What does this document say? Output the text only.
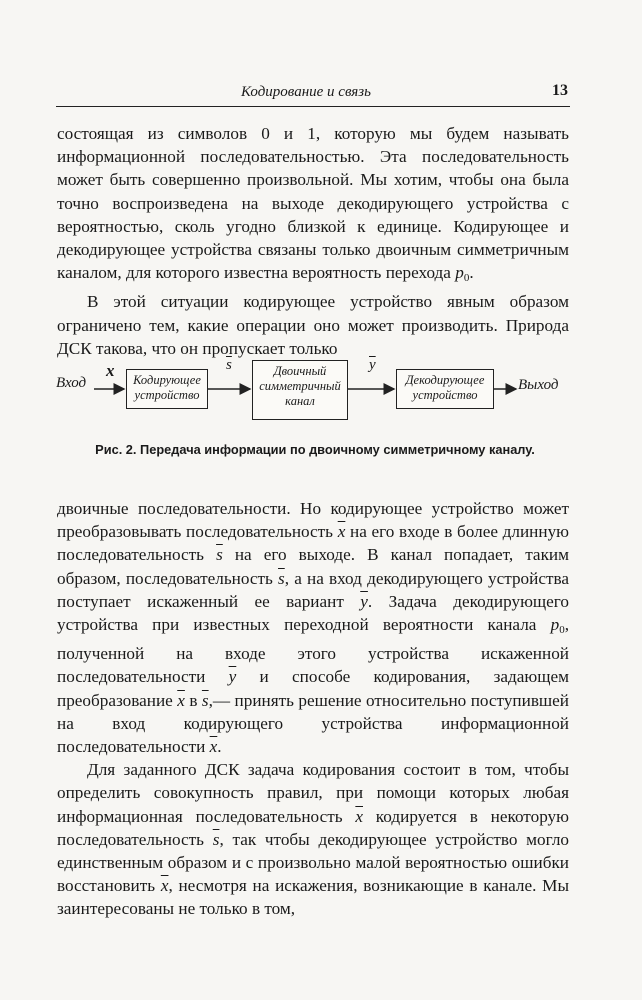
Кодирование и связь	13

состоящая из символов 0 и 1, которую мы будем называть информационной последовательностью. Эта последовательность может быть совершенно произвольной. Мы хотим, чтобы она была точно воспроизведена на выходе декодирующего устройства с вероятностью, сколь угодно близкой к единице. Кодирующее и декодирующее устройства связаны только двоичным симметричным каналом, для которого известна вероятность перехода $p_0$.

В этой ситуации кодирующее устройство явным образом ограничено тем, какие операции оно может производить. Природа ДСК такова, что он пропускает только

Вход
x	$\overline{s}$	$\overline{y}$
Кодирующее устройство
Двоичный симметричный канал
Декодирующее устройство
Выход
Рис. 2. Передача информации по двоичному симметричному каналу.

двоичные последовательности. Но кодирующее устройство может преобразовывать последовательность $\overline{x}$ на его входе в более длинную последовательность $\overline{s}$ на его выходе. В канал попадает, таким образом, последовательность $\overline{s}$, а на вход декодирующего устройства поступает искаженный ее вариант $\overline{y}$. Задача декодирующего устройства при известных переходной вероятности канала $p_0$, полученной на входе этого устройства искаженной последовательности $\overline{y}$ и способе кодирования, задающем преобразование $\overline{x}$ в $\overline{s},—$ принять решение относительно поступившей на вход кодирующего устройства информационной последовательности $\overline{x}$.

Для заданного ДСК задача кодирования состоит в том, чтобы определить совокупность правил, при помощи которых любая информационная последовательность $\overline{x}$ кодируется в некоторую последовательность $\overline{s}$, так чтобы декодирующее устройство могло единственным образом и с произвольно малой вероятностью ошибки восстановить $\overline{x}$, несмотря на искажения, возникающие в канале. Мы заинтересованы не только в том,
